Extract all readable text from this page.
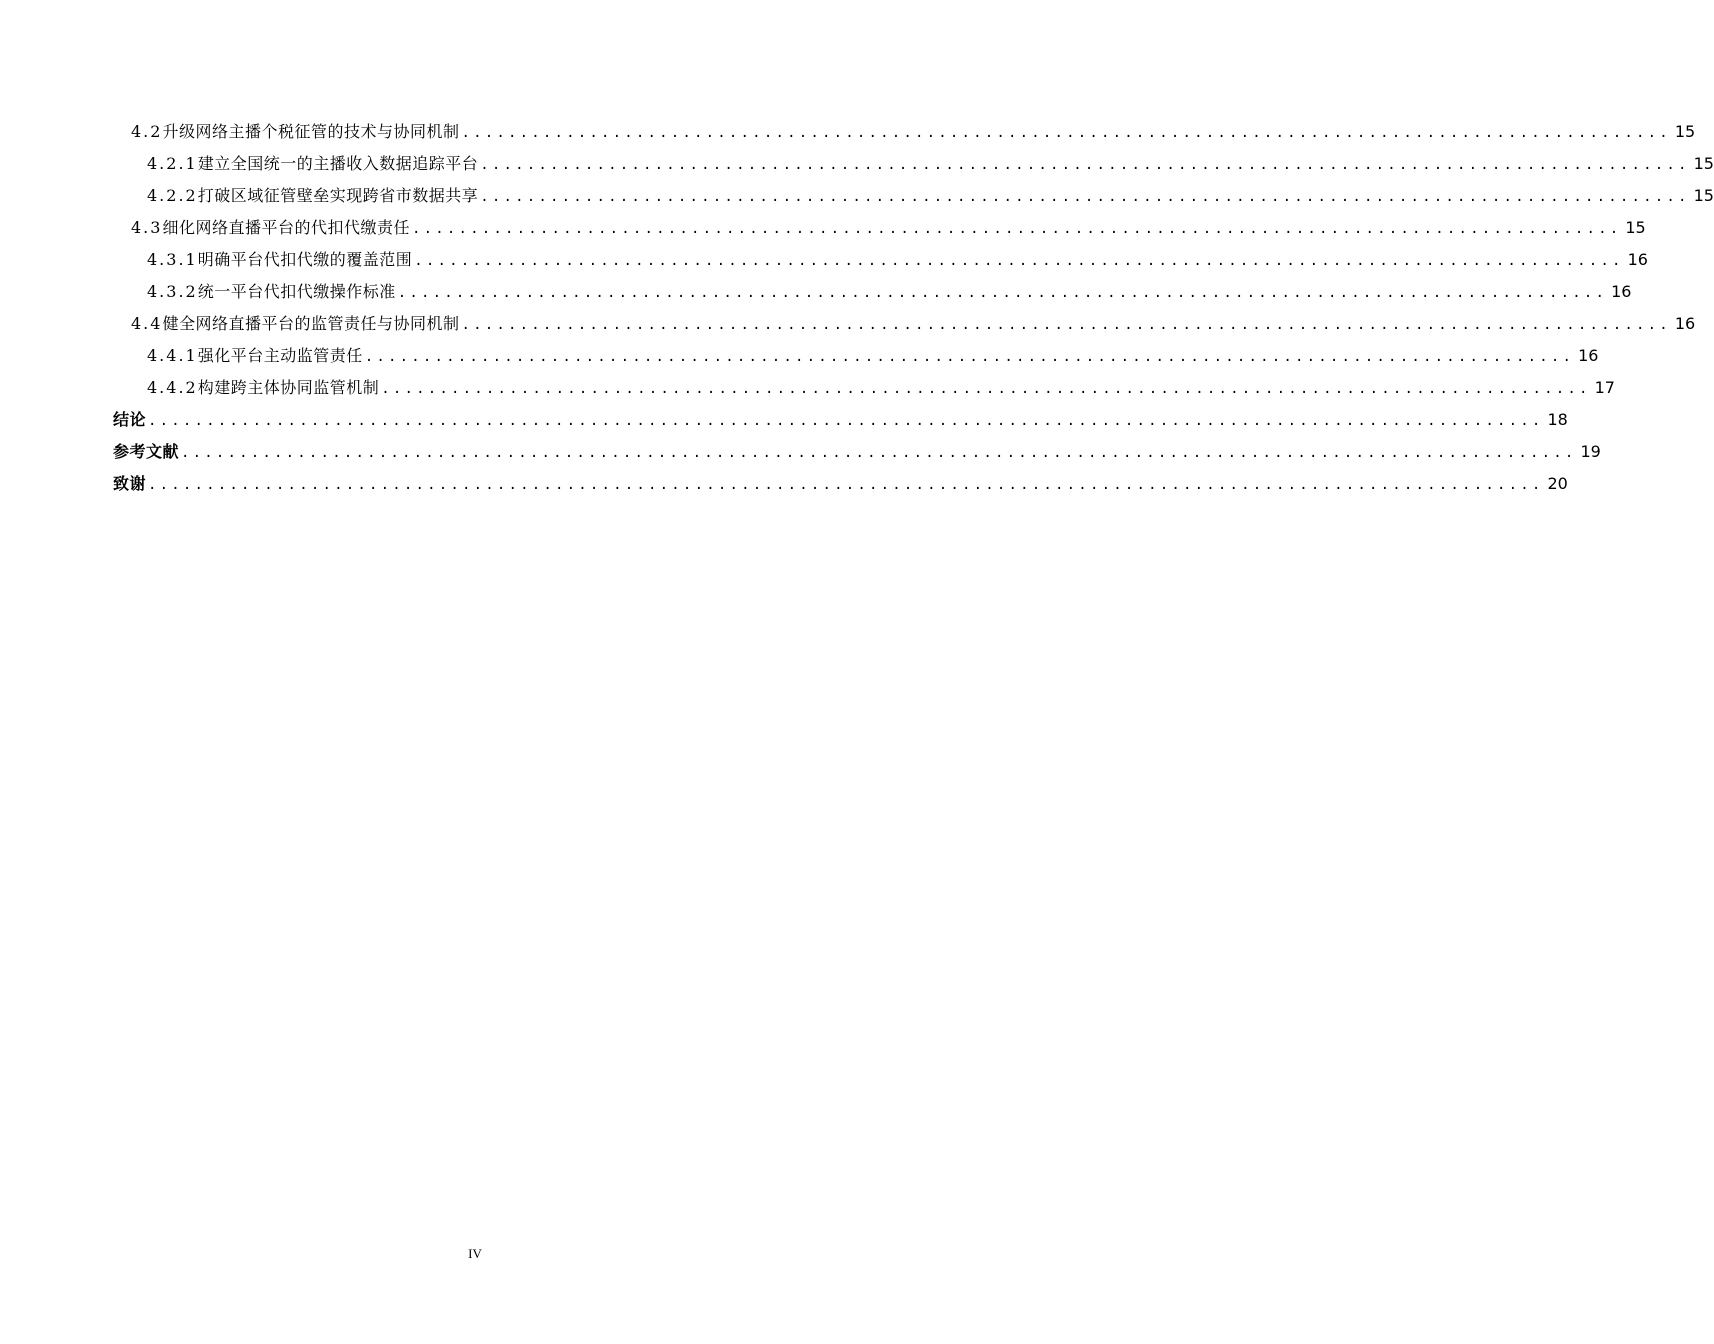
4.2 升级网络主播个税征管的技术与协同机制 ........................................................................................................ 15
4.2.1 建立全国统一的主播收入数据追踪平台 ........................................................................................................ 15
4.2.2 打破区域征管壁垒实现跨省市数据共享 ........................................................................................................ 15
4.3 细化网络直播平台的代扣代缴责任 ........................................................................................................ 15
4.3.1 明确平台代扣代缴的覆盖范围 ........................................................................................................ 16
4.3.2 统一平台代扣代缴操作标准 ........................................................................................................ 16
4.4 健全网络直播平台的监管责任与协同机制 ........................................................................................................ 16
4.4.1 强化平台主动监管责任 ........................................................................................................ 16
4.4.2 构建跨主体协同监管机制 ........................................................................................................ 17
结论 ........................................................................................................................ 18
参考文献 ........................................................................................................................ 19
致谢 ........................................................................................................................ 20
IV
